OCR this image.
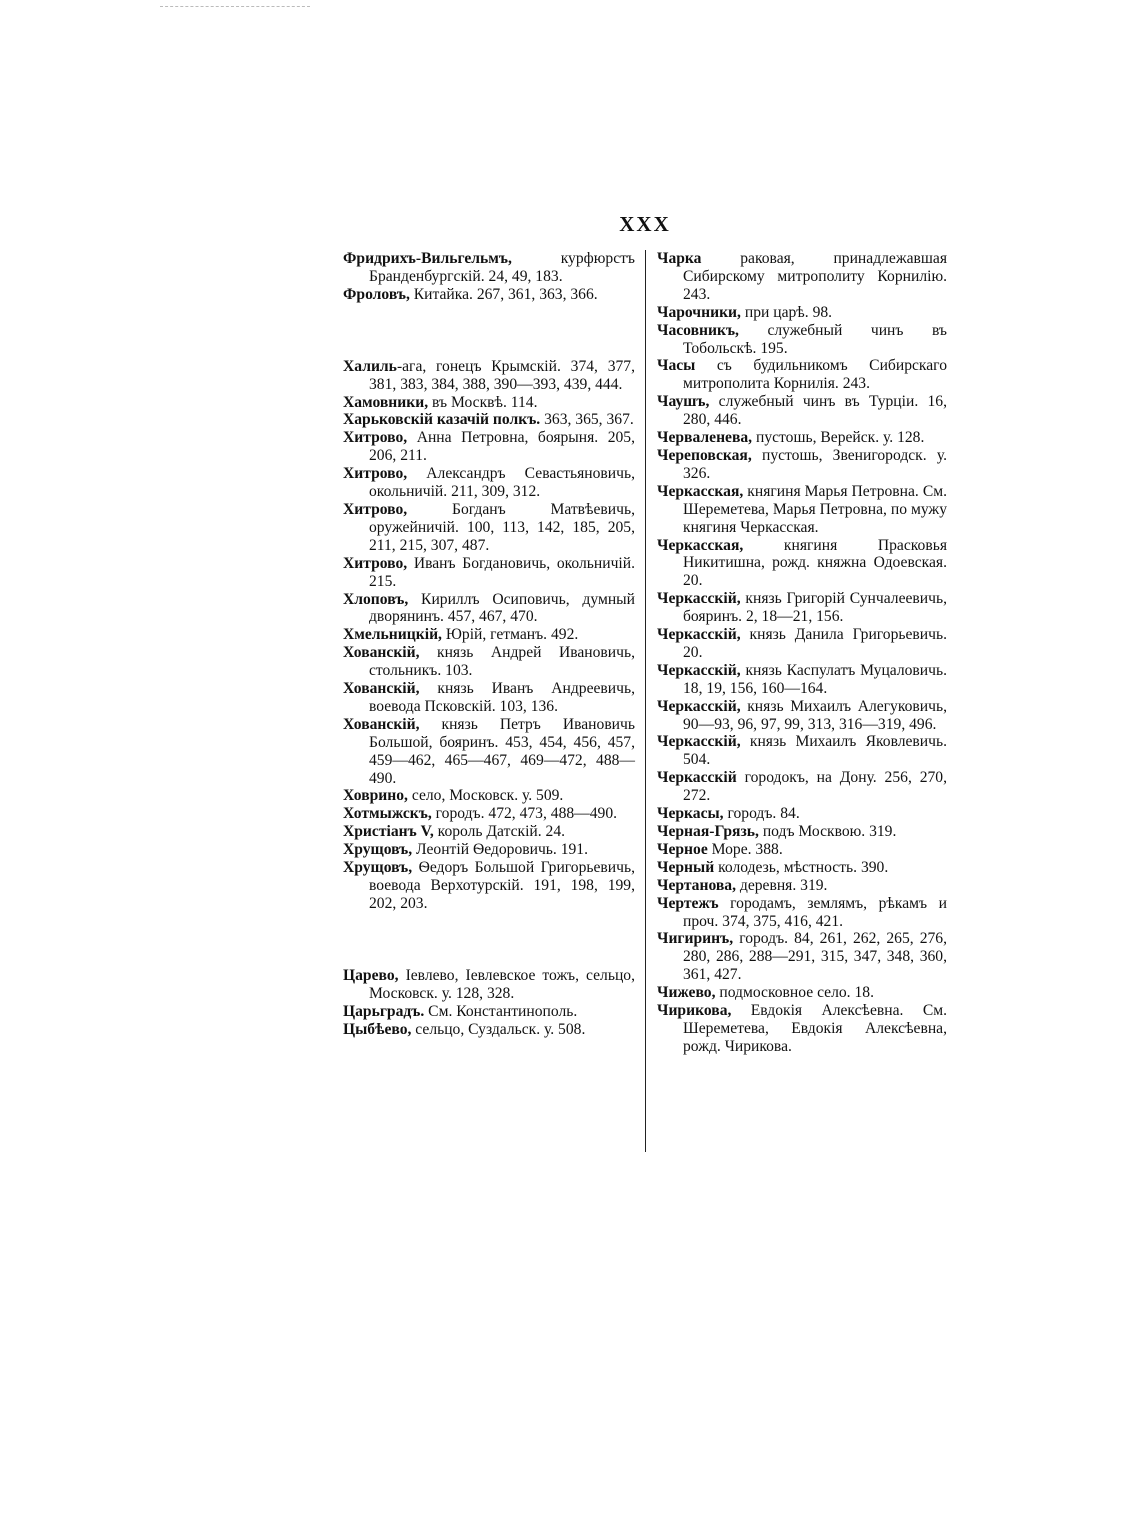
XXX
Фридрихъ-Вильгельмъ, курфюрстъ Бранденбургскій. 24, 49, 183.
Фроловъ, Китайка. 267, 361, 363, 366.
Халиль-ага, гонецъ Крымскій. 374, 377, 381, 383, 384, 388, 390—393, 439, 444.
Хамовники, въ Москвѣ. 114.
Харьковскій казачій полкъ. 363, 365, 367.
Хитрово, Анна Петровна, боярыня. 205, 206, 211.
Хитрово, Александръ Севастьяновичь, окольничій. 211, 309, 312.
Хитрово, Богданъ Матвѣевичь, оружейничій. 100, 113, 142, 185, 205, 211, 215, 307, 487.
Хитрово, Иванъ Богдановичь, окольничій. 215.
Хлоповъ, Кириллъ Осиповичь, думный дворянинъ. 457, 467, 470.
Хмельницкій, Юрій, гетманъ. 492.
Хованскій, князь Андрей Ивановичь, стольникъ. 103.
Хованскій, князь Иванъ Андреевичь, воевода Псковскій. 103, 136.
Хованскій, князь Петръ Ивановичь Большой, бояринъ. 453, 454, 456, 457, 459—462, 465—467, 469—472, 488—490.
Ховрино, село, Московск. у. 509.
Хотмыжскъ, городъ. 472, 473, 488—490.
Христіанъ V, король Датскій. 24.
Хрущовъ, Леонтій Ѳедоровичь. 191.
Хрущовъ, Ѳедоръ Большой Григорьевичь, воевода Верхотурскій. 191, 198, 199, 202, 203.
Царево, Іевлево, Іевлевское тожъ, сельцо, Московск. у. 128, 328.
Царьградъ. См. Константинополь.
Цыбѣево, сельцо, Суздальск. у. 508.
Чарка раковая, принадлежавшая Сибирскому митрополиту Корнилію. 243.
Чарочники, при царѣ. 98.
Часовникъ, служебный чинъ въ Тобольскѣ. 195.
Часы съ будильникомъ Сибирскаго митрополита Корнилія. 243.
Чаушъ, служебный чинъ въ Турціи. 16, 280, 446.
Черваленева, пустошь, Верейск. у. 128.
Череповская, пустошь, Звенигородск. у. 326.
Черкасская, княгиня Марья Петровна. См. Шереметева, Марья Петровна, по мужу княгиня Черкасская.
Черкасская, княгиня Прасковья Никитишна, рожд. княжна Одоевская. 20.
Черкасскій, князь Григорій Сунчалеевичь, бояринъ. 2, 18—21, 156.
Черкасскій, князь Данила Григорьевичь. 20.
Черкасскій, князь Каспулатъ Муцаловичь. 18, 19, 156, 160—164.
Черкасскій, князь Михаилъ Алегуковичь, 90—93, 96, 97, 99, 313, 316—319, 496.
Черкасскій, князь Михаилъ Яковлевичь. 504.
Черкасскій городокъ, на Дону. 256, 270, 272.
Черкасы, городъ. 84.
Черная-Грязь, подъ Москвою. 319.
Черное Море. 388.
Черный колодезь, мѣстность. 390.
Чертанова, деревня. 319.
Чертежъ городамъ, землямъ, рѣкамъ и проч. 374, 375, 416, 421.
Чигиринъ, городъ. 84, 261, 262, 265, 276, 280, 286, 288—291, 315, 347, 348, 360, 361, 427.
Чижево, подмосковное село. 18.
Чирикова, Евдокія Алексѣевна. См. Шереметева, Евдокія Алексѣевна, рожд. Чирикова.
